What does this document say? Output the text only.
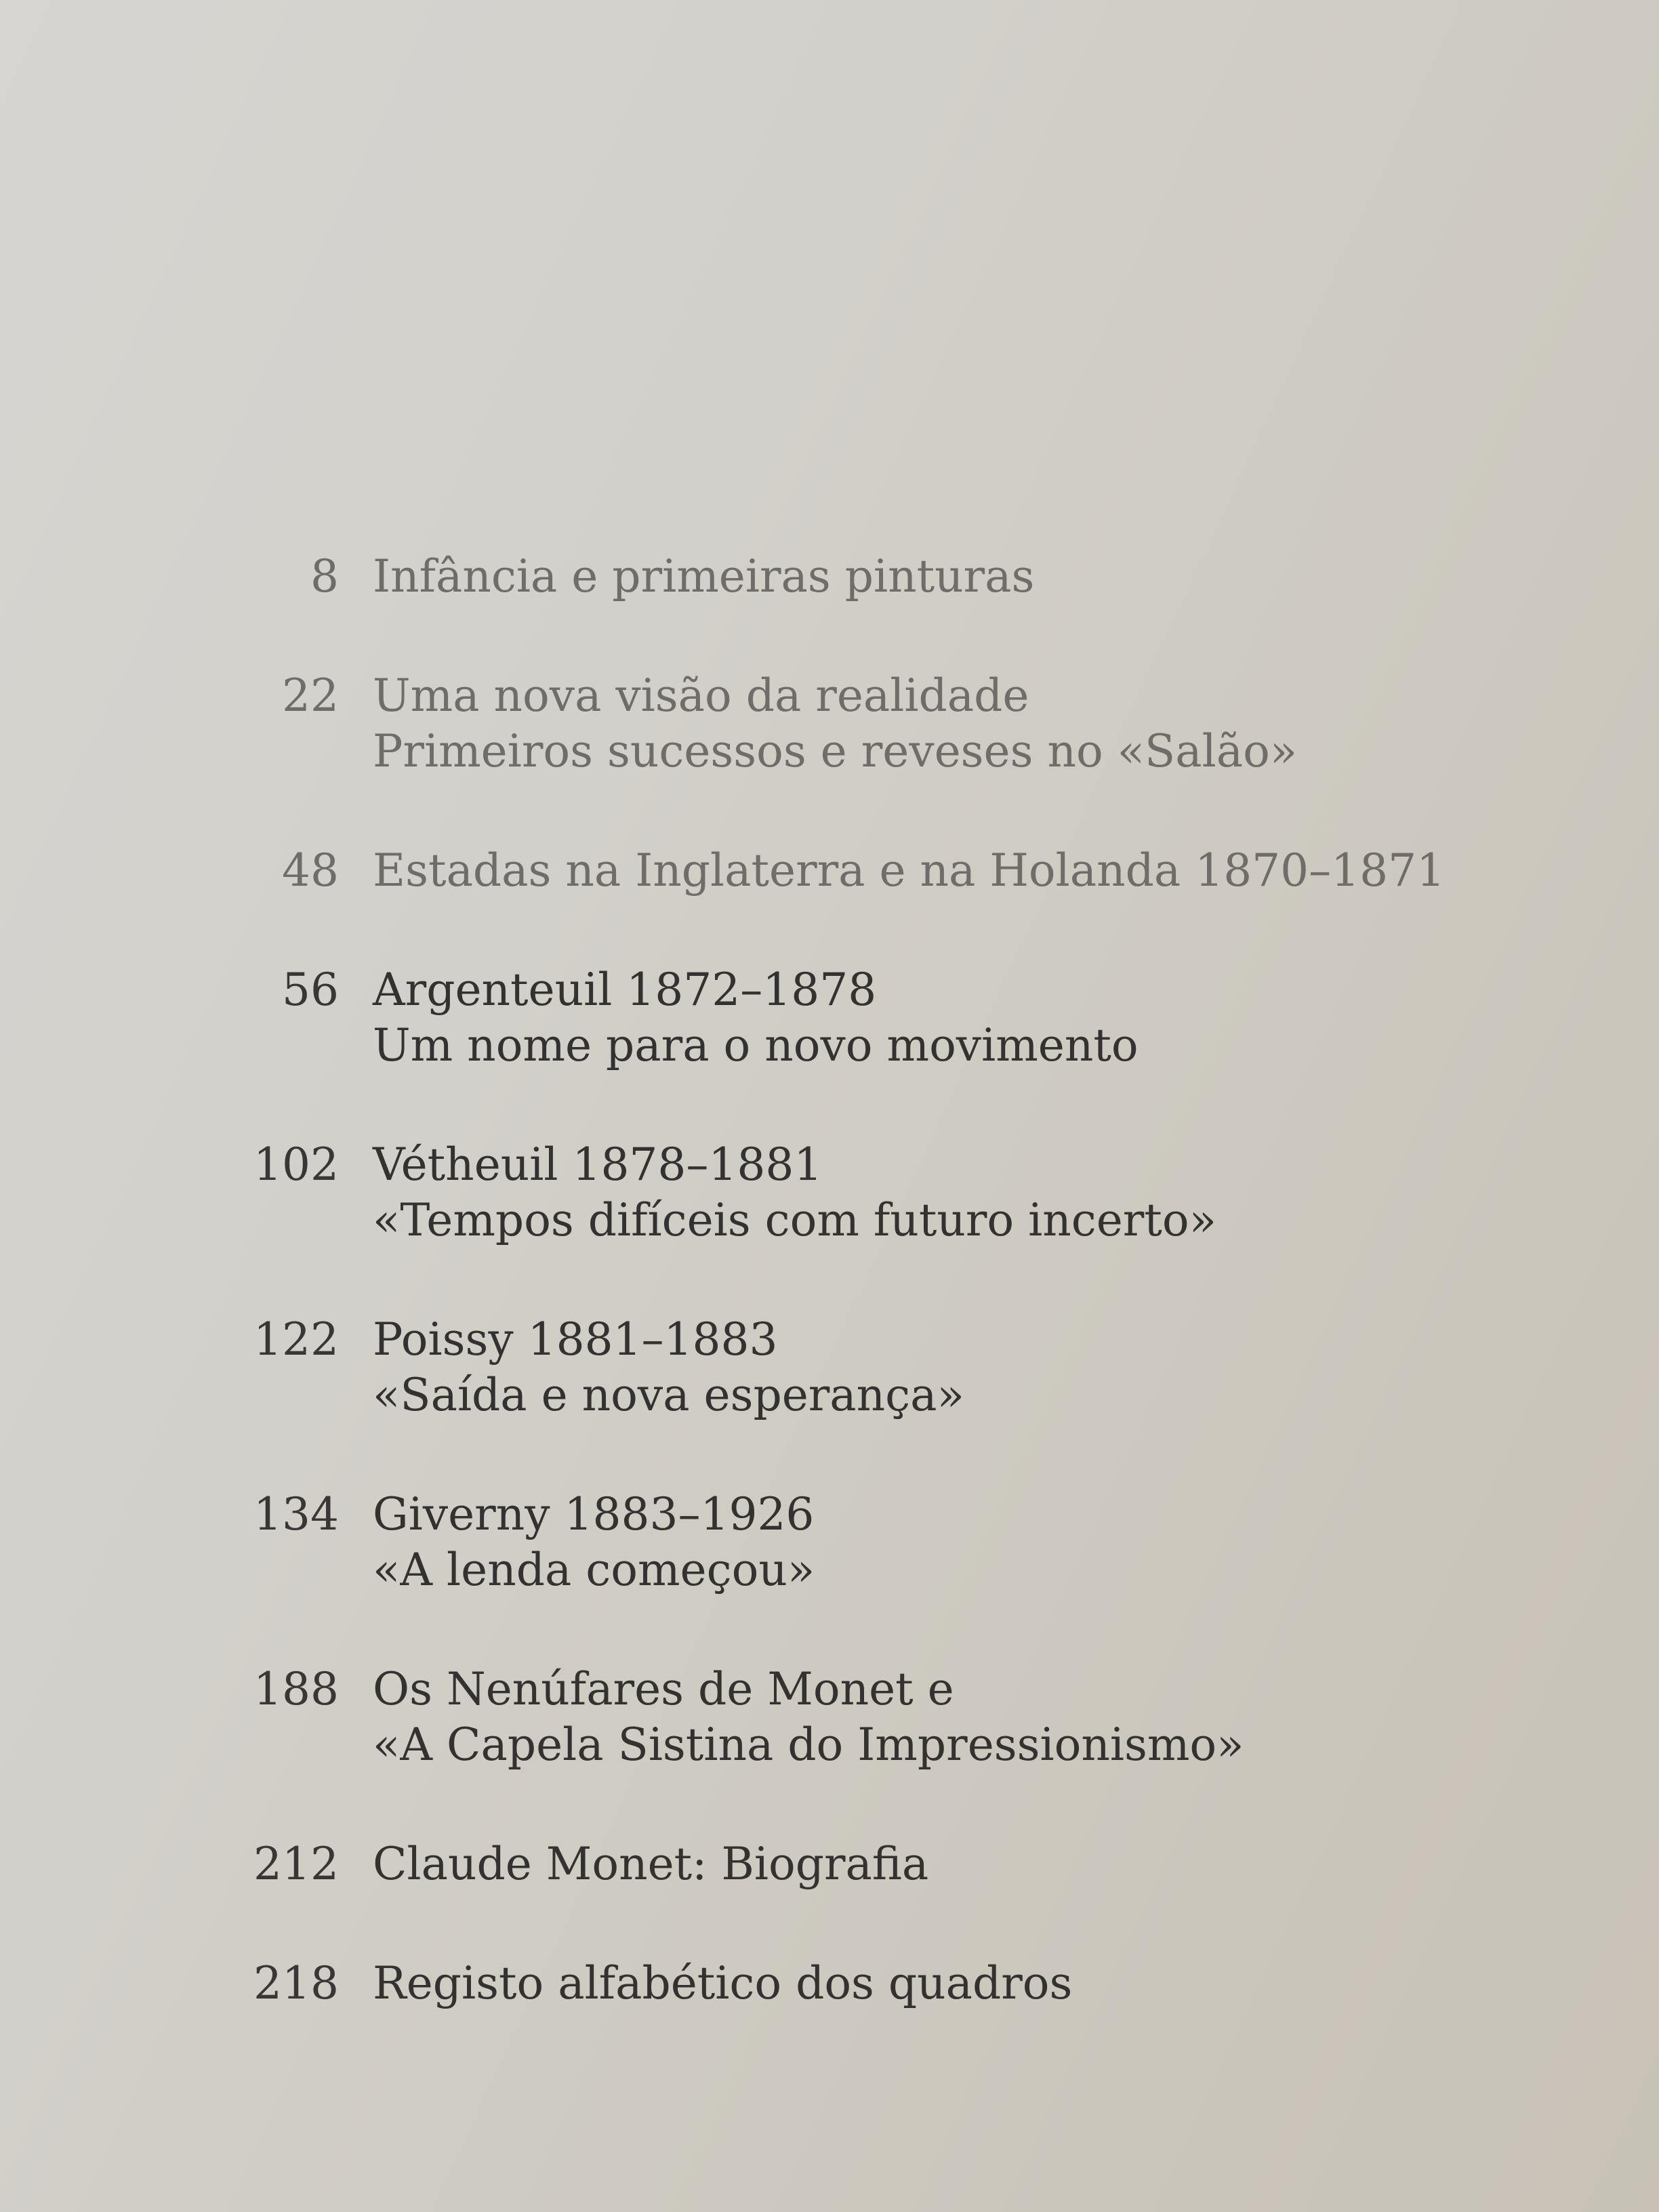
8 Infância e primeiras pinturas
22 Uma nova visão da realidade
Primeiros sucessos e reveses no «Salão»
48 Estadas na Inglaterra e na Holanda 1870–1871
56 Argenteuil 1872–1878
Um nome para o novo movimento
102 Vétheuil 1878–1881
«Tempos difíceis com futuro incerto»
122 Poissy 1881–1883
«Saída e nova esperança»
134 Giverny 1883–1926
«A lenda começou»
188 Os Nenúfares de Monet e
«A Capela Sistina do Impressionismo»
212 Claude Monet: Biografia
218 Registo alfabético dos quadros
